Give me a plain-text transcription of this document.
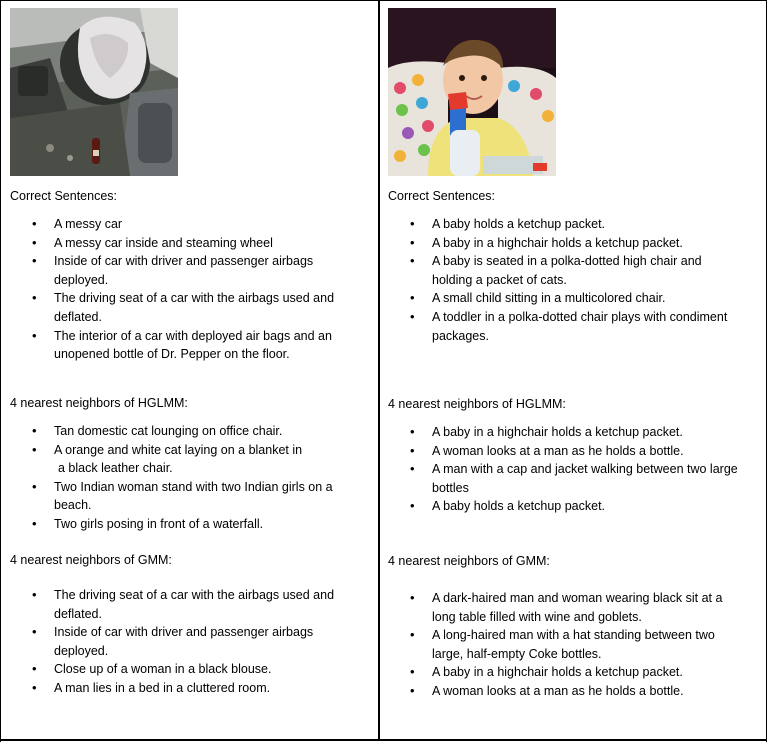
Correct Sentences:
• A messy car
• A messy car inside and steaming wheel
• Inside of car with driver and passenger airbags deployed.
• The driving seat of a car with the airbags used and deflated.
• The interior of a car with deployed air bags and an unopened bottle of Dr. Pepper on the floor.
4 nearest neighbors of HGLMM:
• Tan domestic cat lounging on office chair.
• A orange and white cat laying on a blanket in
a black leather chair.
• Two Indian woman stand with two Indian girls on a beach.
• Two girls posing in front of a waterfall.
4 nearest neighbors of GMM:
• The driving seat of a car with the airbags used and deflated.
• Inside of car with driver and passenger airbags deployed.
• Close up of a woman in a black blouse.
• A man lies in a bed in a cluttered room.
Correct Sentences:
• A baby holds a ketchup packet.
• A baby in a highchair holds a ketchup packet.
• A baby is seated in a polka-dotted high chair and holding a packet of cats.
• A small child sitting in a multicolored chair.
• A toddler in a polka-dotted chair plays with condiment packages.
4 nearest neighbors of HGLMM:
• A baby in a highchair holds a ketchup packet.
• A woman looks at a man as he holds a bottle.
• A man with a cap and jacket walking between two large bottles
• A baby holds a ketchup packet.
4 nearest neighbors of GMM:
• A dark-haired man and woman wearing black sit at a long table filled with wine and goblets.
• A long-haired man with a hat standing between two large, half-empty Coke bottles.
• A baby in a highchair holds a ketchup packet.
• A woman looks at a man as he holds a bottle.
